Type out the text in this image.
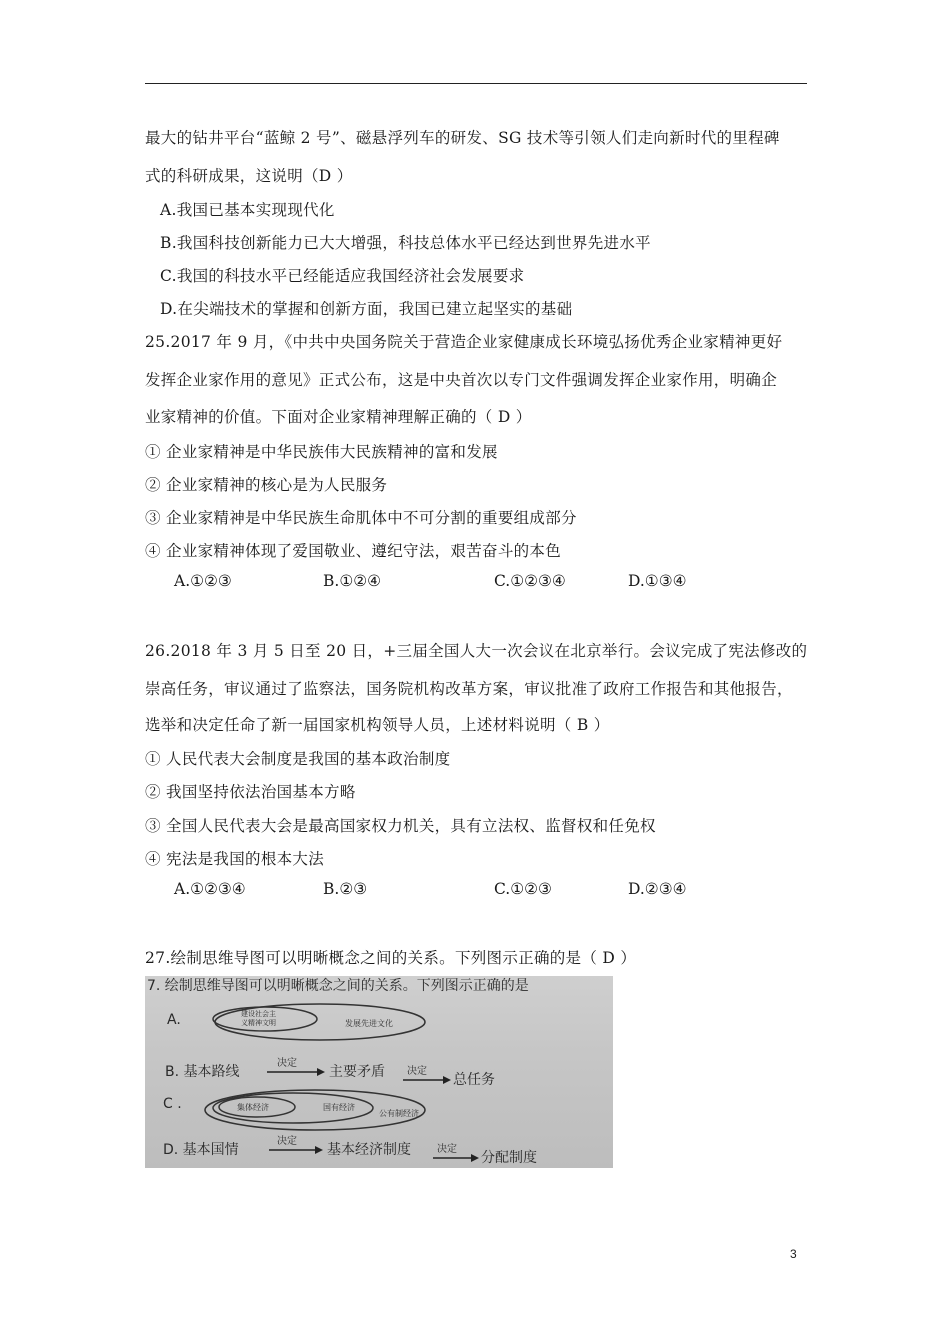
最大的钻井平台“蓝鲸 2 号”、磁悬浮列车的研发、SG 技术等引领人们走向新时代的里程碑
式的科研成果，这说明（D ）
A.我国已基本实现现代化
B.我国科技创新能力已大大增强，科技总体水平已经达到世界先进水平
C.我国的科技水平已经能适应我国经济社会发展要求
D.在尖端技术的掌握和创新方面，我国已建立起坚实的基础
25.2017 年 9 月，《中共中央国务院关于营造企业家健康成长环境弘扬优秀企业家精神更好
发挥企业家作用的意见》正式公布，这是中央首次以专门文件强调发挥企业家作用，明确企
业家精神的价值。下面对企业家精神理解正确的（ D ）
① 企业家精神是中华民族伟大民族精神的富和发展
② 企业家精神的核心是为人民服务
③ 企业家精神是中华民族生命肌体中不可分割的重要组成部分
④ 企业家精神体现了爱国敬业、遵纪守法，艰苦奋斗的本色
A.①②③	B.①②④	C.①②③④	D.①③④
26.2018 年 3 月 5 日至 20 日，+三届全国人大一次会议在北京举行。会议完成了宪法修改的
崇高任务，审议通过了监察法，国务院机构改革方案，审议批准了政府工作报告和其他报告，
选举和决定任命了新一届国家机构领导人员，上述材料说明（ B ）
① 人民代表大会制度是我国的基本政治制度
② 我国坚持依法治国基本方略
③ 全国人民代表大会是最高国家权力机关，具有立法权、监督权和任免权
④ 宪法是我国的根本大法
A.①②③④	B.②③	C.①②③	D.②③④
27.绘制思维导图可以明晰概念之间的关系。下列图示正确的是（ D ）
7. 绘制思维导图可以明晰概念之间的关系。下列图示正确的是
A.	建设社会主
义精神文明	发展先进文化
B. 基本路线
决定
主要矛盾 决定
总任务
C .	集体经济	国有经济
公有制经济
D. 基本国情
决定
基本经济制度	决定
分配制度
3
